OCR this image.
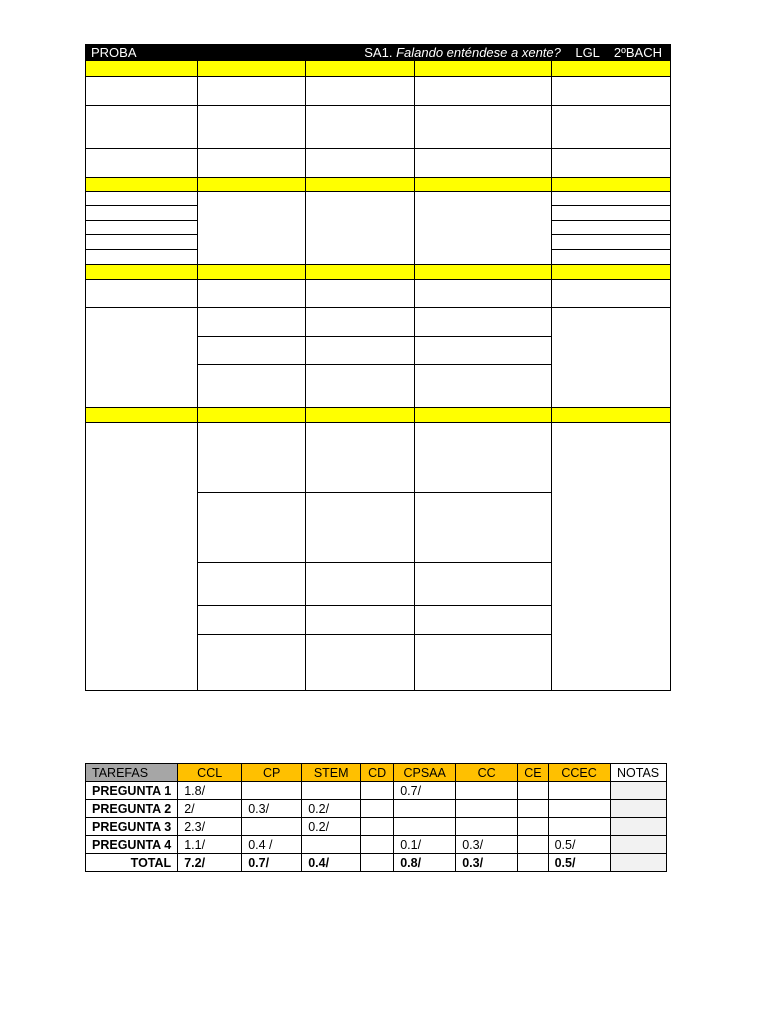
PROBA	SA1. Falando enténdese a xente? LGL 2ºBACH
TAREFAS	CCL	CP	STEM	CD	CPSAA	CC	CE	CCEC	NOTAS
PREGUNTA 1	1.8/				0.7/				
PREGUNTA 2	2/	0.3/	0.2/						
PREGUNTA 3	2.3/		0.2/						
PREGUNTA 4	1.1/	0.4 /			0.1/	0.3/		0.5/	
TOTAL	7.2/	0.7/	0.4/		0.8/	0.3/		0.5/	
